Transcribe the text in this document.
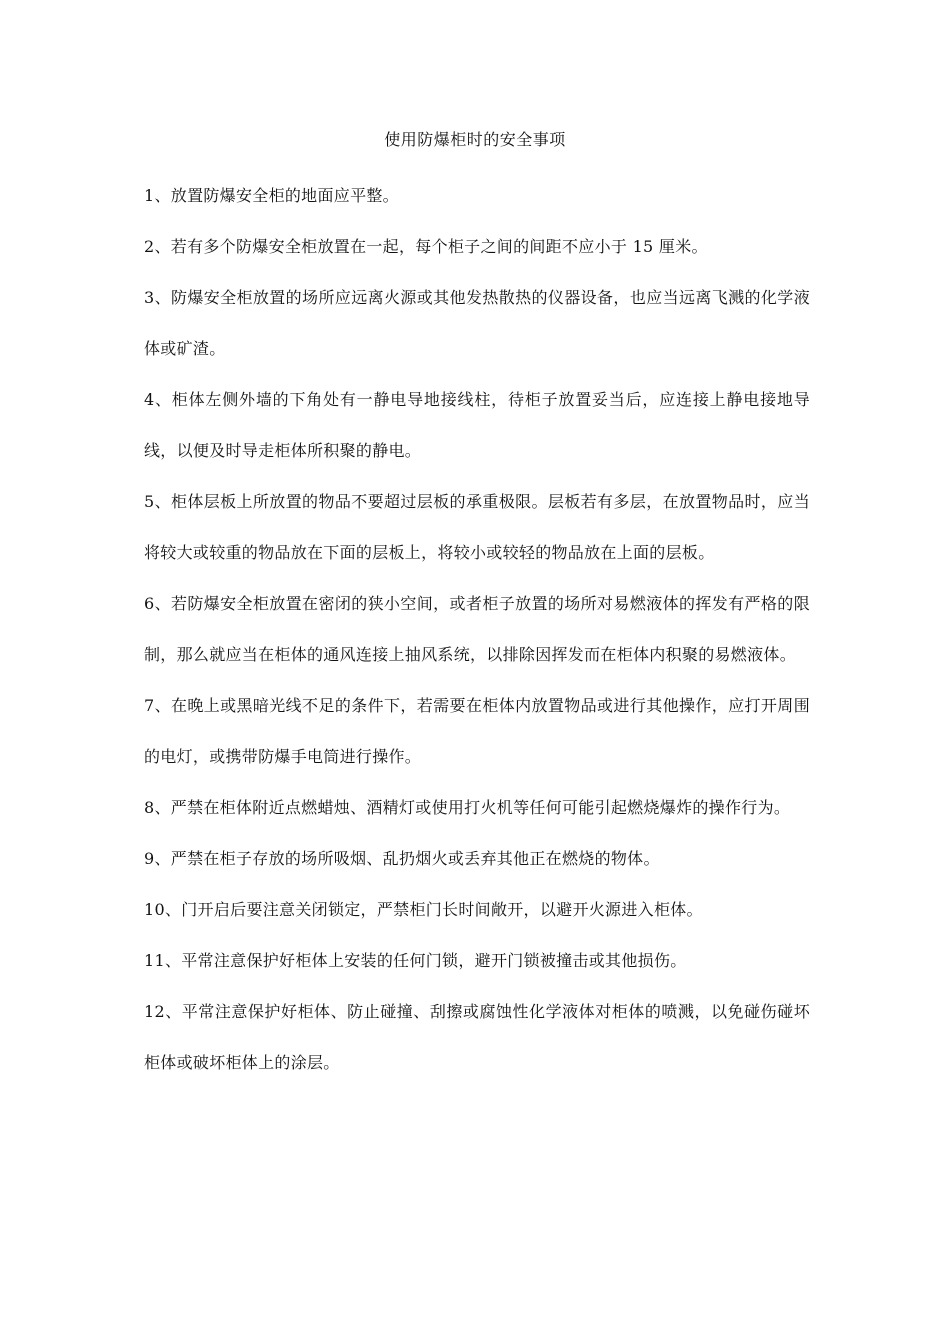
使用防爆柜时的安全事项

1、放置防爆安全柜的地面应平整。

2、若有多个防爆安全柜放置在一起，每个柜子之间的间距不应小于 15 厘米。

3、防爆安全柜放置的场所应远离火源或其他发热散热的仪器设备，也应当远离飞溅的化学液体或矿渣。

4、柜体左侧外墙的下角处有一静电导地接线柱，待柜子放置妥当后，应连接上静电接地导线，以便及时导走柜体所积聚的静电。

5、柜体层板上所放置的物品不要超过层板的承重极限。层板若有多层，在放置物品时，应当将较大或较重的物品放在下面的层板上，将较小或较轻的物品放在上面的层板。

6、若防爆安全柜放置在密闭的狭小空间，或者柜子放置的场所对易燃液体的挥发有严格的限制，那么就应当在柜体的通风连接上抽风系统，以排除因挥发而在柜体内积聚的易燃液体。

7、在晚上或黑暗光线不足的条件下，若需要在柜体内放置物品或进行其他操作，应打开周围的电灯，或携带防爆手电筒进行操作。

8、严禁在柜体附近点燃蜡烛、酒精灯或使用打火机等任何可能引起燃烧爆炸的操作行为。

9、严禁在柜子存放的场所吸烟、乱扔烟火或丢弃其他正在燃烧的物体。

10、门开启后要注意关闭锁定，严禁柜门长时间敞开，以避开火源进入柜体。

11、平常注意保护好柜体上安装的任何门锁，避开门锁被撞击或其他损伤。

12、平常注意保护好柜体、防止碰撞、刮擦或腐蚀性化学液体对柜体的喷溅，以免碰伤碰坏柜体或破坏柜体上的涂层。
